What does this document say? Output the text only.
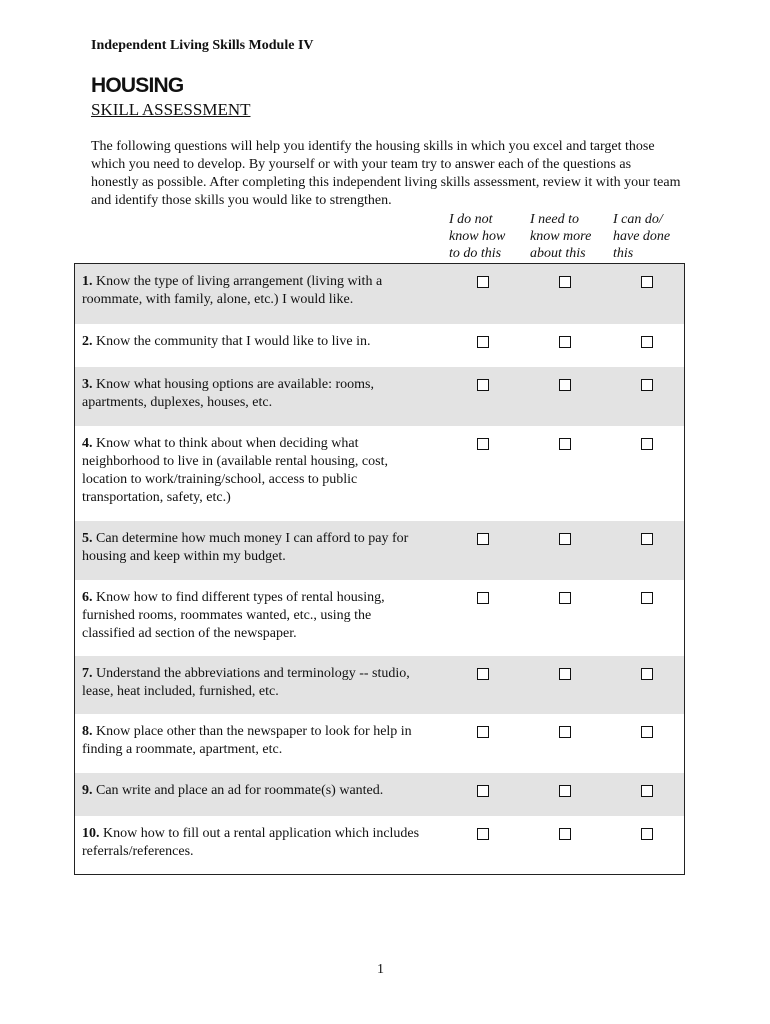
Independent Living Skills Module IV
HOUSING
SKILL ASSESSMENT

The following questions will help you identify the housing skills in which you excel and target those which you need to develop. By yourself or with your team try to answer each of the questions as honestly as possible. After completing this independent living skills assessment, review it with your team and identify those skills you would like to strengthen.

I do not
know how
to do this
I need to
know more
about this
I can do/
have done
this

1. Know the type of living arrangement (living with a roommate, with family, alone, etc.) I would like.

2. Know the community that I would like to live in.

3. Know what housing options are available: rooms, apartments, duplexes, houses, etc.

4. Know what to think about when deciding what neighborhood to live in (available rental housing, cost, location to work/training/school, access to public transportation, safety, etc.)

5. Can determine how much money I can afford to pay for housing and keep within my budget.

6. Know how to find different types of rental housing, furnished rooms, roommates wanted, etc., using the classified ad section of the newspaper.

7. Understand the abbreviations and terminology -- studio, lease, heat included, furnished, etc.

8. Know place other than the newspaper to look for help in finding a roommate, apartment, etc.

9. Can write and place an ad for roommate(s) wanted.

10. Know how to fill out a rental application which includes referrals/references.

1
